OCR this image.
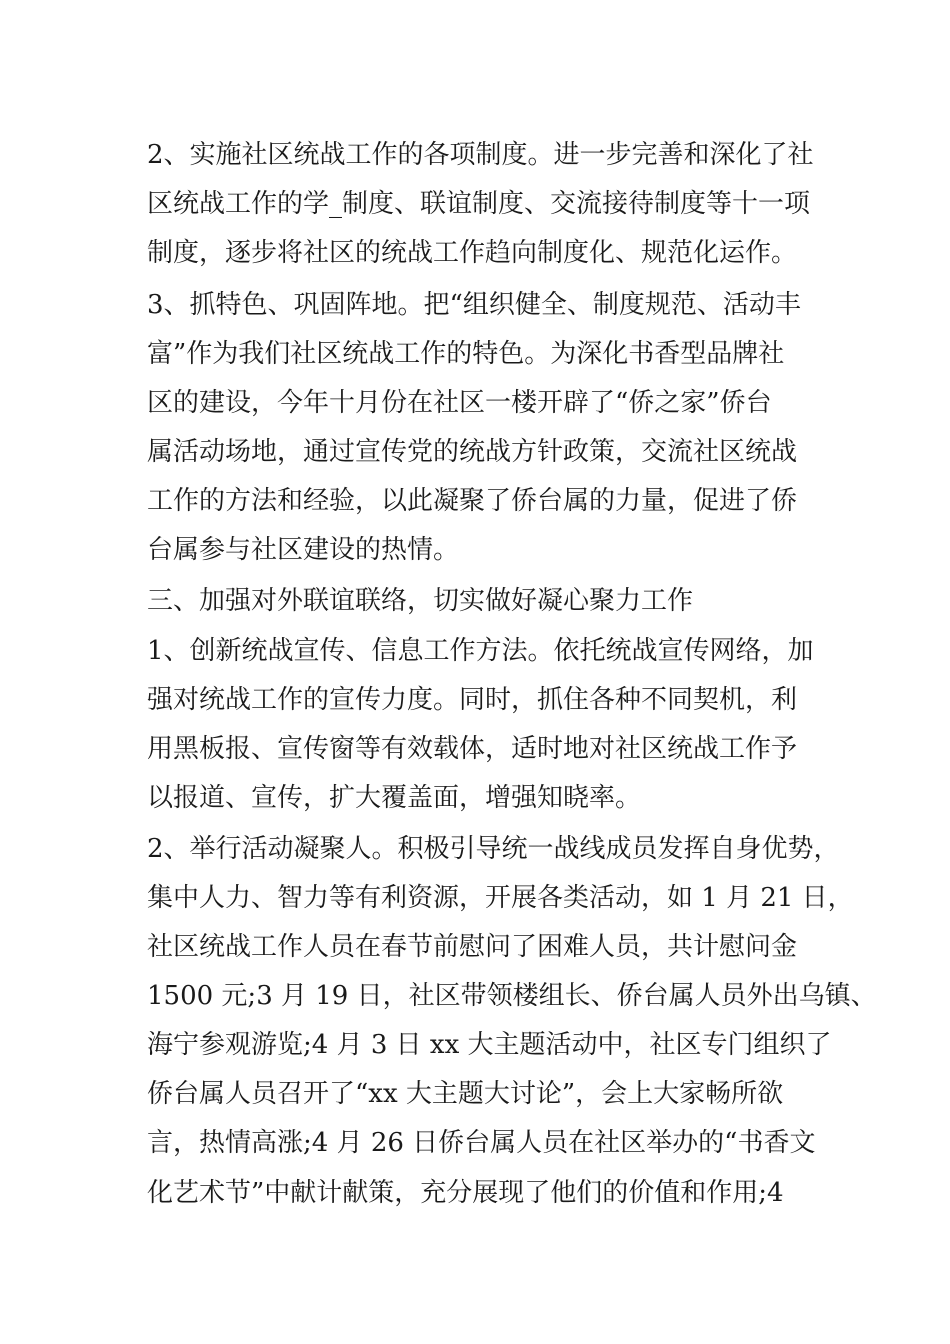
2、实施社区统战工作的各项制度。进一步完善和深化了社

区统战工作的学_制度、联谊制度、交流接待制度等十一项

制度，逐步将社区的统战工作趋向制度化、规范化运作。

3、抓特色、巩固阵地。把“组织健全、制度规范、活动丰

富”作为我们社区统战工作的特色。为深化书香型品牌社

区的建设，今年十月份在社区一楼开辟了“侨之家”侨台

属活动场地，通过宣传党的统战方针政策，交流社区统战

工作的方法和经验，以此凝聚了侨台属的力量，促进了侨

台属参与社区建设的热情。

三、加强对外联谊联络，切实做好凝心聚力工作

1、创新统战宣传、信息工作方法。依托统战宣传网络，加

强对统战工作的宣传力度。同时，抓住各种不同契机，利

用黑板报、宣传窗等有效载体，适时地对社区统战工作予

以报道、宣传，扩大覆盖面，增强知晓率。

2、举行活动凝聚人。积极引导统一战线成员发挥自身优势，

集中人力、智力等有利资源，开展各类活动，如 1 月 21 日，

社区统战工作人员在春节前慰问了困难人员，共计慰问金

1500 元;3 月 19 日，社区带领楼组长、侨台属人员外出乌镇、

海宁参观游览;4 月 3 日 xx 大主题活动中，社区专门组织了

侨台属人员召开了“xx 大主题大讨论”，会上大家畅所欲

言，热情高涨;4 月 26 日侨台属人员在社区举办的“书香文

化艺术节”中献计献策，充分展现了他们的价值和作用;4
